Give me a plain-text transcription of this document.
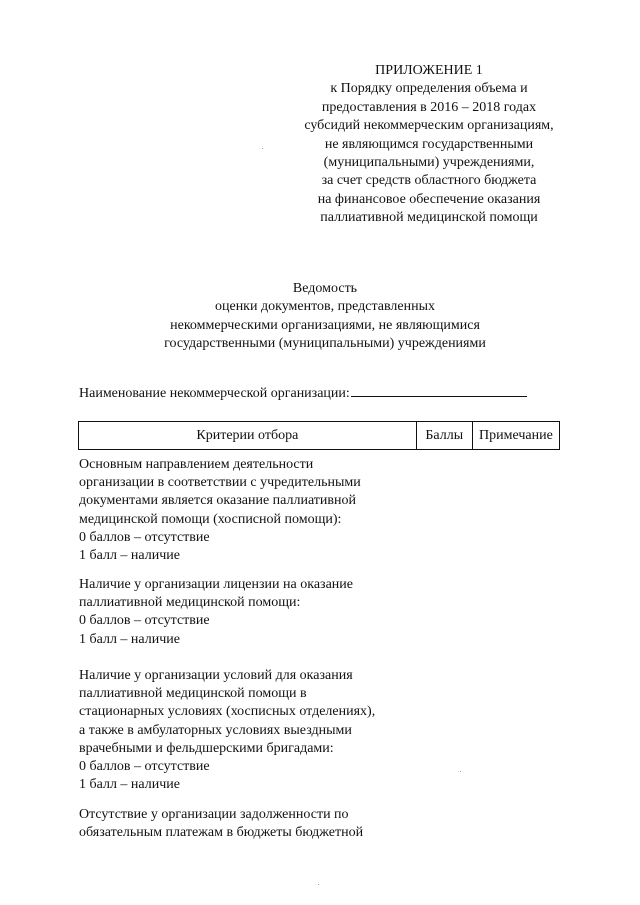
ПРИЛОЖЕНИЕ 1
к Порядку определения объема и
предоставления в 2016 – 2018 годах
субсидий некоммерческим организациям,
не являющимся государственными
(муниципальными) учреждениями,
за счет средств областного бюджета
на финансовое обеспечение оказания
паллиативной медицинской помощи
Ведомость
оценки документов, представленных
некоммерческими организациями, не являющимися
государственными (муниципальными) учреждениями
Наименование некоммерческой организации:
Критерии отбора	Баллы	Примечание
Основным направлением деятельности
организации в соответствии с учредительными
документами является оказание паллиативной
медицинской помощи (хосписной помощи):
0 баллов – отсутствие
1 балл – наличие
Наличие у организации лицензии на оказание
паллиативной медицинской помощи:
0 баллов – отсутствие
1 балл – наличие
Наличие у организации условий для оказания
паллиативной медицинской помощи в
стационарных условиях (хосписных отделениях),
а также в амбулаторных условиях выездными
врачебными и фельдшерскими бригадами:
0 баллов – отсутствие
1 балл – наличие
Отсутствие у организации задолженности по
обязательным платежам в бюджеты бюджетной
